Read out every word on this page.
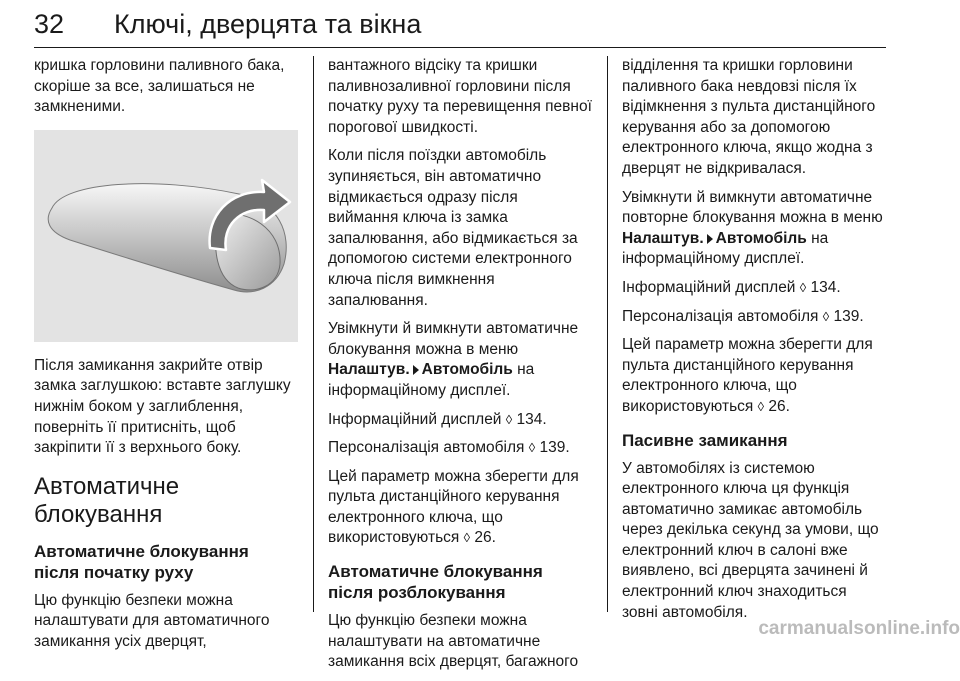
32 Ключі, дверцята та вікна

кришка горловини паливного бака, скоріше за все, залишаться не замкненими.

Після замикання закрийте отвір замка заглушкою: вставте заглушку нижнім боком у заглиблення, поверніть її притисніть, щоб закріпити її з верхнього боку.

Автоматичне блокування
Автоматичне блокування після початку руху

Цю функцію безпеки можна налаштувати для автоматичного замикання усіх дверцят,

вантажного відсіку та кришки паливнозаливної горловини після початку руху та перевищення певної порогової швидкості.

Коли після поїздки автомобіль зупиняється, він автоматично відмикається одразу після виймання ключа із замка запалювання, або відмикається за допомогою системи електронного ключа після вимкнення запалювання.

Увімкнути й вимкнути автоматичне блокування можна в меню Налаштув. Автомобіль на інформаційному дисплеї.

Інформаційний дисплей ◊ 134.

Персоналізація автомобіля ◊ 139.

Цей параметр можна зберегти для пульта дистанційного керування електронного ключа, що використовуються ◊ 26.

Автоматичне блокування після розблокування

Цю функцію безпеки можна налаштувати на автоматичне замикання всіх дверцят, багажного

відділення та кришки горловини паливного бака невдовзі після їх відімкнення з пульта дистанційного керування або за допомогою електронного ключа, якщо жодна з дверцят не відкривалася.

Увімкнути й вимкнути автоматичне повторне блокування можна в меню Налаштув. Автомобіль на інформаційному дисплеї.

Інформаційний дисплей ◊ 134.

Персоналізація автомобіля ◊ 139.

Цей параметр можна зберегти для пульта дистанційного керування електронного ключа, що використовуються ◊ 26.

Пасивне замикання

У автомобілях із системою електронного ключа ця функція автоматично замикає автомобіль через декілька секунд за умови, що електронний ключ в салоні вже виявлено, всі дверцята зачинені й електронний ключ знаходиться зовні автомобіля.

carmanualsonline.info
